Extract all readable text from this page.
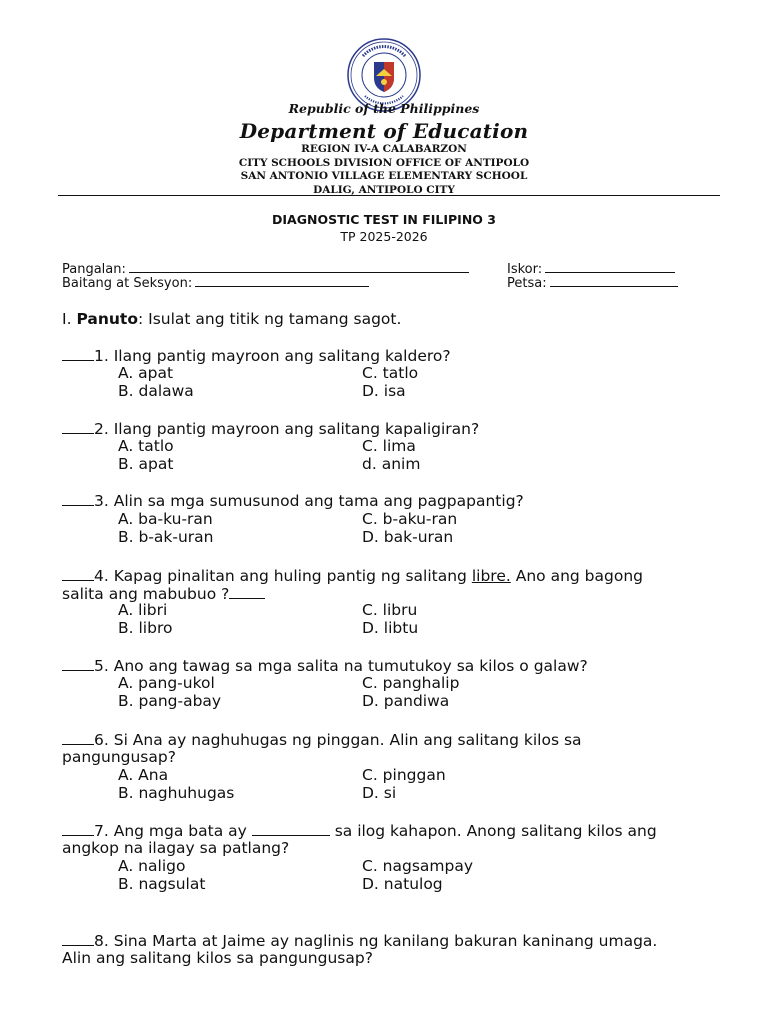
Republic of the Philippines
Department of Education
REGION IV-A CALABARZON
CITY SCHOOLS DIVISION OFFICE OF ANTIPOLO
SAN ANTONIO VILLAGE ELEMENTARY SCHOOL
DALIG, ANTIPOLO CITY
DIAGNOSTIC TEST IN FILIPINO 3
TP 2025-2026
Pangalan:	Iskor:
Baitang at Seksyon:	Petsa:
I. Panuto: Isulat ang titik ng tamang sagot.
1. Ilang pantig mayroon ang salitang kaldero?
A. apat	C. tatlo
B. dalawa	D. isa
2. Ilang pantig mayroon ang salitang kapaligiran?
A. tatlo	C. lima
B. apat	d. anim
3. Alin sa mga sumusunod ang tama ang pagpapantig?
A. ba-ku-ran	C. b-aku-ran
B. b-ak-uran	D. bak-uran
4. Kapag pinalitan ang huling pantig ng salitang libre. Ano ang bagong
salita ang mabubuo ?
A. libri	C. libru
B. libro	D. libtu
5. Ano ang tawag sa mga salita na tumutukoy sa kilos o galaw?
A. pang-ukol	C. panghalip
B. pang-abay	D. pandiwa
6. Si Ana ay naghuhugas ng pinggan. Alin ang salitang kilos sa
pangungusap?
A. Ana	C. pinggan
B. naghuhugas	D. si
7. Ang mga bata ay	sa ilog kahapon. Anong salitang kilos ang
angkop na ilagay sa patlang?
A. naligo	C. nagsampay
B. nagsulat	D. natulog
8. Sina Marta at Jaime ay naglinis ng kanilang bakuran kaninang umaga.
Alin ang salitang kilos sa pangungusap?
